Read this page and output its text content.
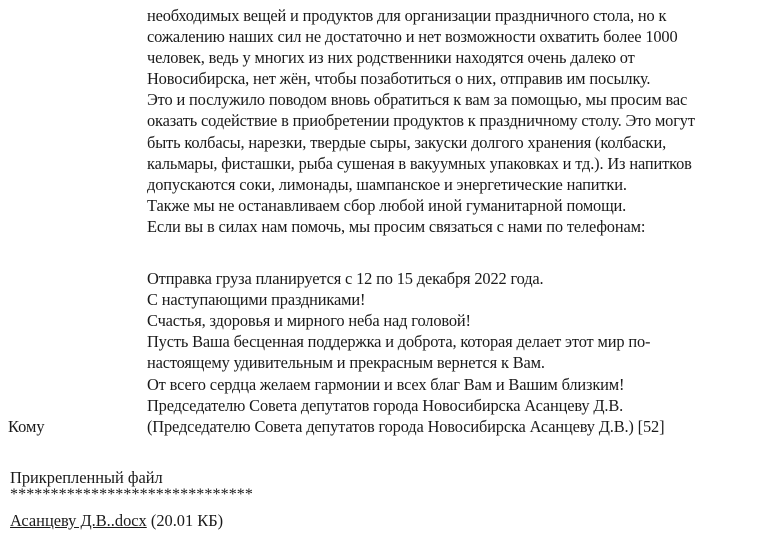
необходимых вещей и продуктов для организации праздничного стола, но к
сожалению наших сил не достаточно и нет возможности охватить более 1000
человек, ведь у многих из них родственники находятся очень далеко от
Новосибирска, нет жён, чтобы позаботиться о них, отправив им посылку.
Это и послужило поводом вновь обратиться к вам за помощью, мы просим вас
оказать содействие в приобретении продуктов к праздничному столу. Это могут
быть колбасы, нарезки, твердые сыры, закуски долгого хранения (колбаски,
кальмары, фисташки, рыба сушеная в вакуумных упаковках и тд.). Из напитков
допускаются соки, лимонады, шампанское и энергетические напитки.
Также мы не останавливаем сбор любой иной гуманитарной помощи.
Если вы в силах нам помочь, мы просим связаться с нами по телефонам:
Отправка груза планируется с 12 по 15 декабря 2022 года.
С наступающими праздниками!
Счастья, здоровья и мирного неба над головой!
Пусть Ваша бесценная поддержка и доброта, которая делает этот мир по-
настоящему удивительным и прекрасным вернется к Вам.
От всего сердца желаем гармонии и всех благ Вам и Вашим близким!
Председателю Совета депутатов города Новосибирска Асанцеву Д.В.
(Председателю Совета депутатов города Новосибирска Асанцеву Д.В.) [52]
Кому
Прикрепленный файл
******************************
Асанцеву Д.В..docx (20.01 КБ)
